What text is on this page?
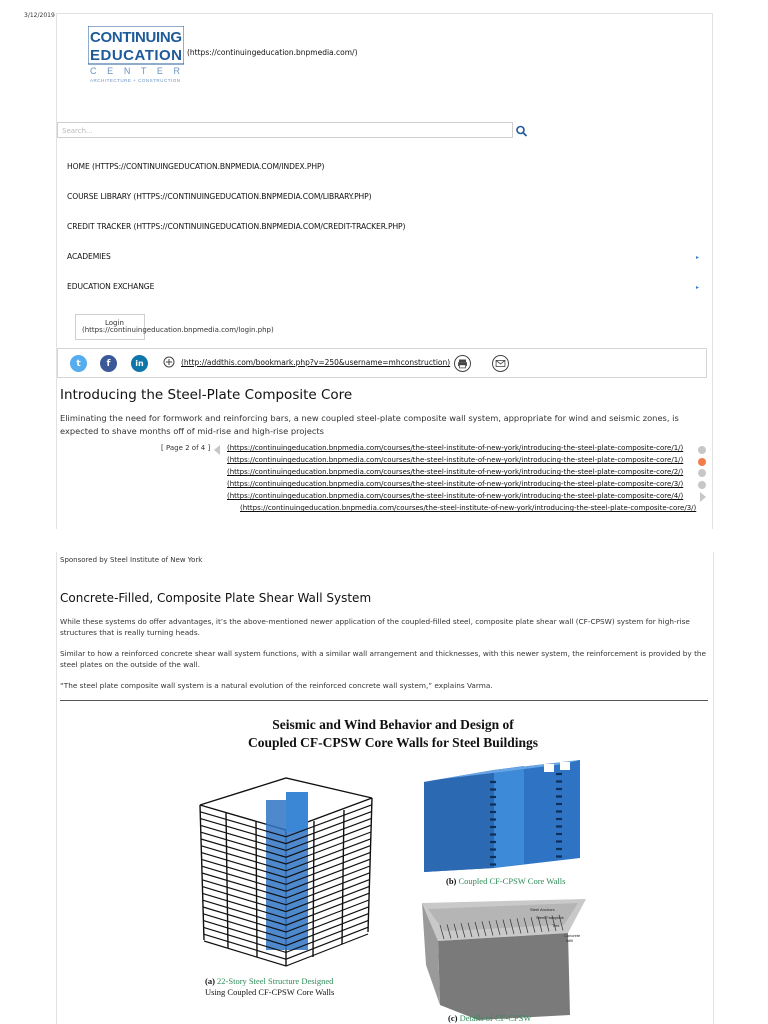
3/12/2019
CONTINUING
EDUCATION
C E N T E R
ARCHITECTURE + CONSTRUCTION
(https://continuingeducation.bnpmedia.com/)
Search...
HOME (HTTPS://CONTINUINGEDUCATION.BNPMEDIA.COM/INDEX.PHP)
COURSE LIBRARY (HTTPS://CONTINUINGEDUCATION.BNPMEDIA.COM/LIBRARY.PHP)
CREDIT TRACKER (HTTPS://CONTINUINGEDUCATION.BNPMEDIA.COM/CREDIT-TRACKER.PHP)
ACADEMIES	▸
EDUCATION EXCHANGE	▸
Login
(https://continuingeducation.bnpmedia.com/login.php)
t	f	in	(http://addthis.com/bookmark.php?v=250&username=mhconstruction)
Introducing the Steel-Plate Composite Core
Eliminating the need for formwork and reinforcing bars, a new coupled steel-plate composite wall system, appropriate for wind and seismic zones, is expected to shave months off of mid-rise and high-rise projects
[ Page 2 of 4 ] (https://continuingeducation.bnpmedia.com/courses/the-steel-institute-of-new-york/introducing-the-steel-plate-composite-core/1/)
(https://continuingeducation.bnpmedia.com/courses/the-steel-institute-of-new-york/introducing-the-steel-plate-composite-core/1/)
(https://continuingeducation.bnpmedia.com/courses/the-steel-institute-of-new-york/introducing-the-steel-plate-composite-core/2/)
(https://continuingeducation.bnpmedia.com/courses/the-steel-institute-of-new-york/introducing-the-steel-plate-composite-core/3/)
(https://continuingeducation.bnpmedia.com/courses/the-steel-institute-of-new-york/introducing-the-steel-plate-composite-core/4/)
(https://continuingeducation.bnpmedia.com/courses/the-steel-institute-of-new-york/introducing-the-steel-plate-composite-core/3/)
Sponsored by Steel Institute of New York
Concrete-Filled, Composite Plate Shear Wall System
While these systems do offer advantages, it’s the above-mentioned newer application of the coupled-filled steel, composite plate shear wall (CF-CPSW) system for high-rise structures that is really turning heads.
Similar to how a reinforced concrete shear wall system functions, with a similar wall arrangement and thicknesses, with this newer system, the reinforcement is provided by the steel plates on the outside of the wall.
“The steel plate composite wall system is a natural evolution of the reinforced concrete wall system,” explains Varma.
Seismic and Wind Behavior and Design of
Coupled CF-CPSW Core Walls for Steel Buildings
(a) 22-Story Steel Structure Designed
Using Coupled CF-CPSW Core Walls
(b) Coupled CF-CPSW Core Walls
Steel Anchors
Steel Faceplate
Ties
Concrete
infill
(c) Details of CF-CPSW
